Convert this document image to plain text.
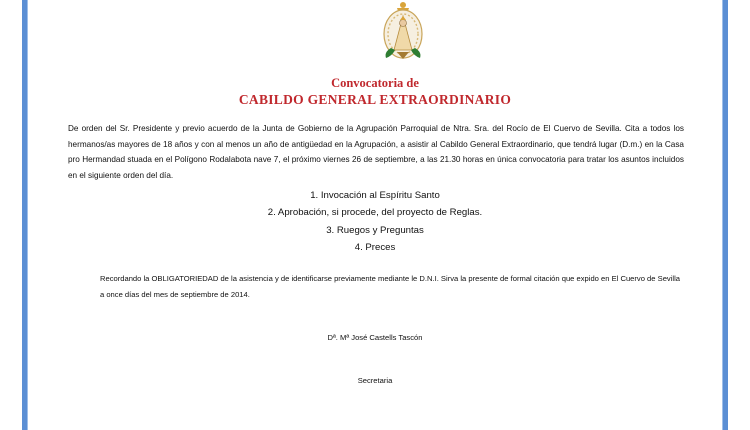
Convocatoria de
CABILDO GENERAL EXTRAORDINARIO

De orden del Sr. Presidente y previo acuerdo de la Junta de Gobierno de la Agrupación Parroquial de Ntra. Sra. del Rocío de El Cuervo de Sevilla. Cita a todos los hermanos/as mayores de 18 años y con al menos un año de antigüedad en la Agrupación, a asistir al Cabildo General Extraordinario, que tendrá lugar (D.m.) en la Casa pro Hermandad stuada en el Polígono Rodalabota nave 7, el próximo viernes 26 de septiembre, a las 21.30 horas en única convocatoria para tratar los asuntos incluidos en el siguiente orden del día.

1. Invocación al Espíritu Santo
2. Aprobación, si procede, del proyecto de Reglas.
3. Ruegos y Preguntas
4. Preces

Recordando la OBLIGATORIEDAD de la asistencia y de identificarse previamente mediante le D.N.I. Sirva la presente de formal citación que expido en El Cuervo de Sevilla a once días del mes de septiembre de 2014.

Dª. Mª José Castells Tascón
Secretaria
